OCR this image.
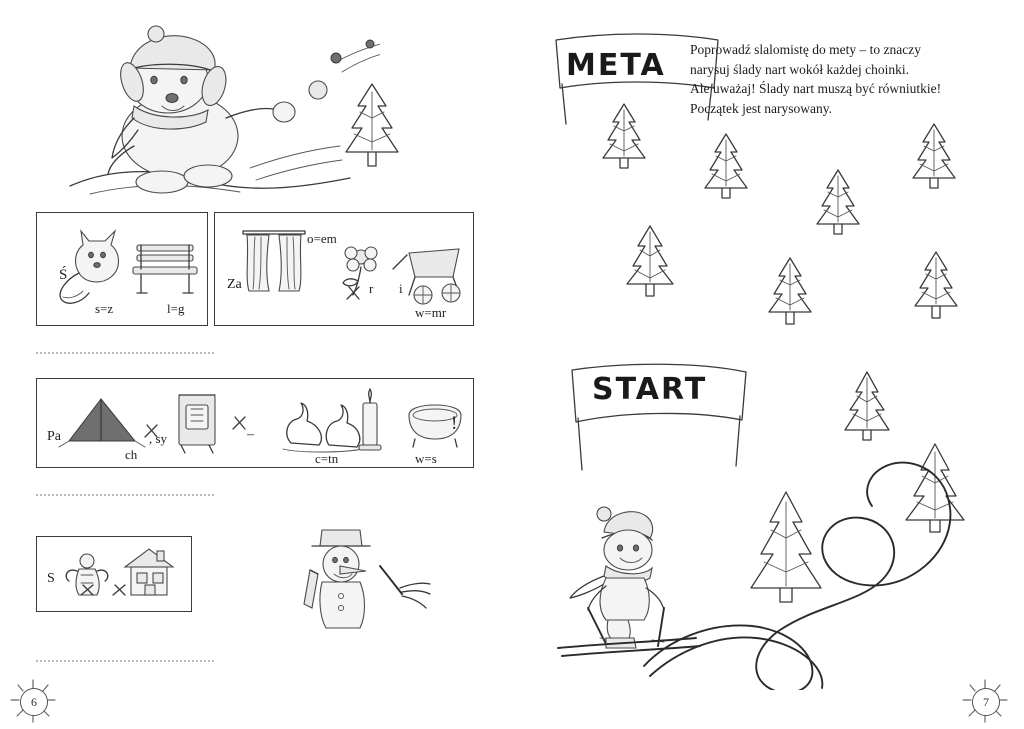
Ś
s=z	l=g
Za
o=em
r i
w=mr
Pa
ch
, sy	–
c=tn	w=s
!
S
6
META
START
Poprowadź slalomistę do mety – to znaczy
narysuj ślady nart wokół każdej choinki.
Ale uważaj! Ślady nart muszą być równiutkie!
Początek jest narysowany.
7
